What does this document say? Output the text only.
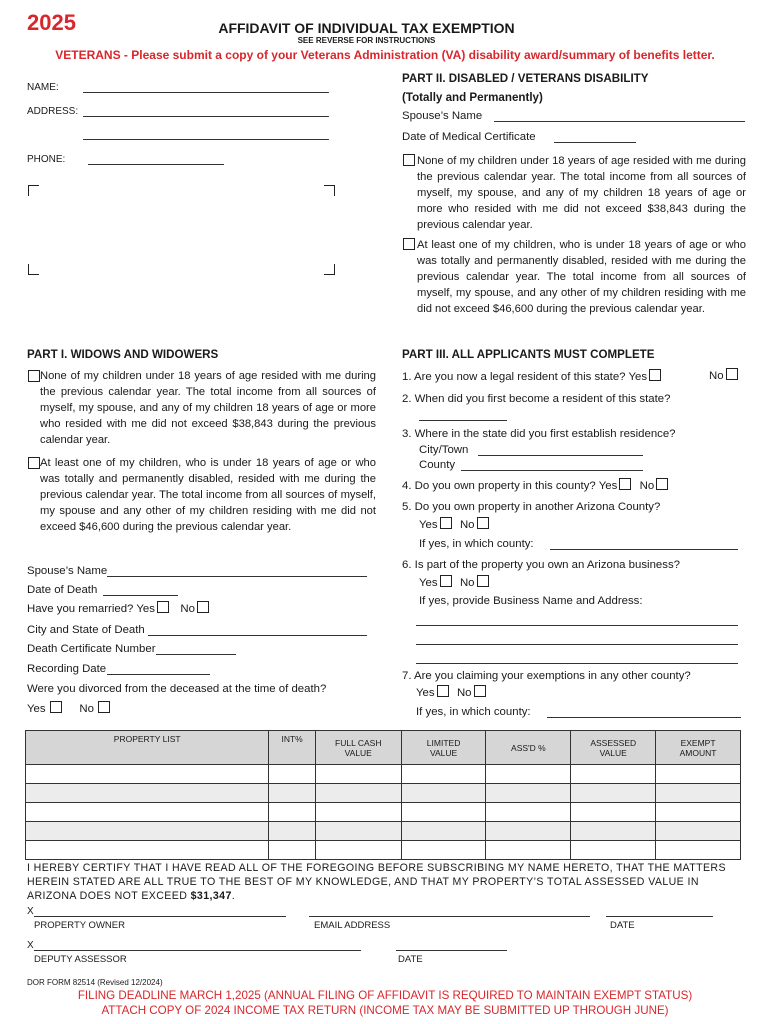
2025	AFFIDAVIT OF INDIVIDUAL TAX EXEMPTION
SEE REVERSE FOR INSTRUCTIONS
VETERANS - Please submit a copy of your Veterans Administration (VA) disability award/summary of benefits letter.
NAME:
ADDRESS:
PHONE:
PART II. DISABLED / VETERANS DISABILITY
(Totally and Permanently)
Spouse’s Name
Date of Medical Certificate
None of my children under 18 years of age resided with me during the previous calendar year. The total income from all sources of myself, my spouse, and any of my children 18 years of age or more who resided with me did not exceed $38,843 during the previous calendar year.
At least one of my children, who is under 18 years of age or who was totally and permanently disabled, resided with me during the previous calendar year. The total income from all sources of myself, my spouse, and any other of my children residing with me did not exceed $46,600 during the previous calendar year.
PART I. WIDOWS AND WIDOWERS
None of my children under 18 years of age resided with me during the previous calendar year. The total income from all sources of myself, my spouse, and any of my children 18 years of age or more who resided with me did not exceed $38,843 during the previous calendar year.
At least one of my children, who is under 18 years of age or who was totally and permanently disabled, resided with me during the previous calendar year. The total income from all sources of myself, my spouse and any other of my children residing with me did not exceed $46,600 during the previous calendar year.
Spouse’s Name
Date of Death
Have you remarried? Yes No
City and State of Death
Death Certificate Number
Recording Date
Were you divorced from the deceased at the time of death?
Yes	No
PART III. ALL APPLICANTS MUST COMPLETE
1. Are you now a legal resident of this state? Yes	No
2. When did you first become a resident of this state?
3. Where in the state did you first establish residence?
City/Town
County
4. Do you own property in this county? Yes No
5. Do you own property in another Arizona County?
Yes No
If yes, in which county:
6. Is part of the property you own an Arizona business?
Yes No
If yes, provide Business Name and Address:
7. Are you claiming your exemptions in any other county?
Yes No
If yes, in which county:
PROPERTY LIST	INT%	FULL CASH VALUE	LIMITED VALUE	ASS'D %	ASSESSED VALUE	EXEMPT AMOUNT

I HEREBY CERTIFY THAT I HAVE READ ALL OF THE FOREGOING BEFORE SUBSCRIBING MY NAME HERETO, THAT THE MATTERS HEREIN STATED ARE ALL TRUE TO THE BEST OF MY KNOWLEDGE, AND THAT MY PROPERTY’S TOTAL ASSESSED VALUE IN ARIZONA DOES NOT EXCEED $31,347.
X
PROPERTY OWNER	EMAIL ADDRESS	DATE
X
DEPUTY ASSESSOR	DATE
DOR FORM 82514 (Revised 12/2024)
FILING DEADLINE MARCH 1,2025 (ANNUAL FILING OF AFFIDAVIT IS REQUIRED TO MAINTAIN EXEMPT STATUS)
ATTACH COPY OF 2024 INCOME TAX RETURN (INCOME TAX MAY BE SUBMITTED UP THROUGH JUNE)
